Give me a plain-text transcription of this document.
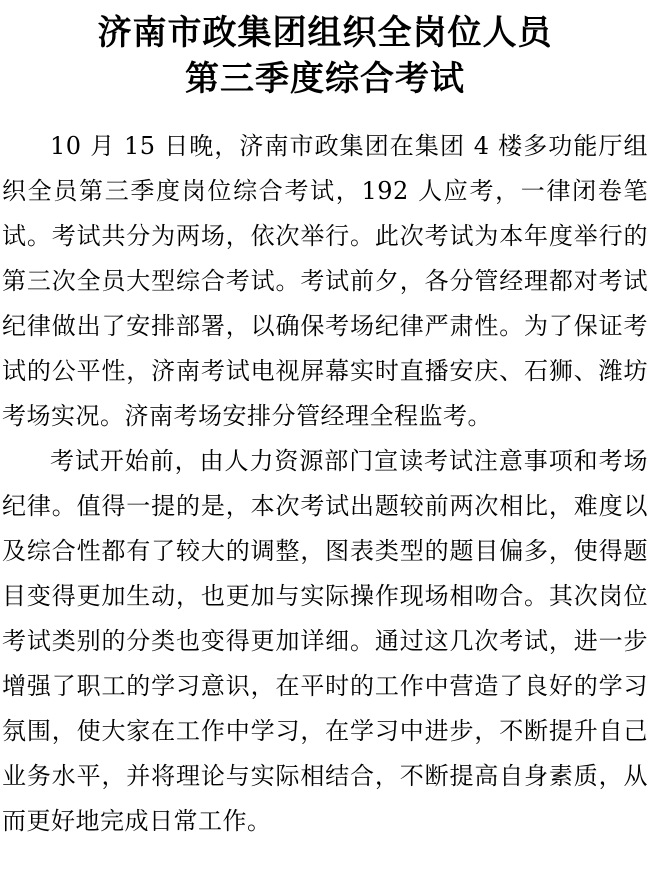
济南市政集团组织全岗位人员
第三季度综合考试

10 月 15 日晚，济南市政集团在集团 4 楼多功能厅组织全员第三季度岗位综合考试，192 人应考，一律闭卷笔试。考试共分为两场，依次举行。此次考试为本年度举行的第三次全员大型综合考试。考试前夕，各分管经理都对考试纪律做出了安排部署，以确保考场纪律严肃性。为了保证考试的公平性，济南考试电视屏幕实时直播安庆、石狮、潍坊考场实况。济南考场安排分管经理全程监考。

考试开始前，由人力资源部门宣读考试注意事项和考场纪律。值得一提的是，本次考试出题较前两次相比，难度以及综合性都有了较大的调整，图表类型的题目偏多，使得题目变得更加生动，也更加与实际操作现场相吻合。其次岗位考试类别的分类也变得更加详细。通过这几次考试，进一步增强了职工的学习意识，在平时的工作中营造了良好的学习氛围，使大家在工作中学习，在学习中进步，不断提升自己业务水平，并将理论与实际相结合，不断提高自身素质，从而更好地完成日常工作。
